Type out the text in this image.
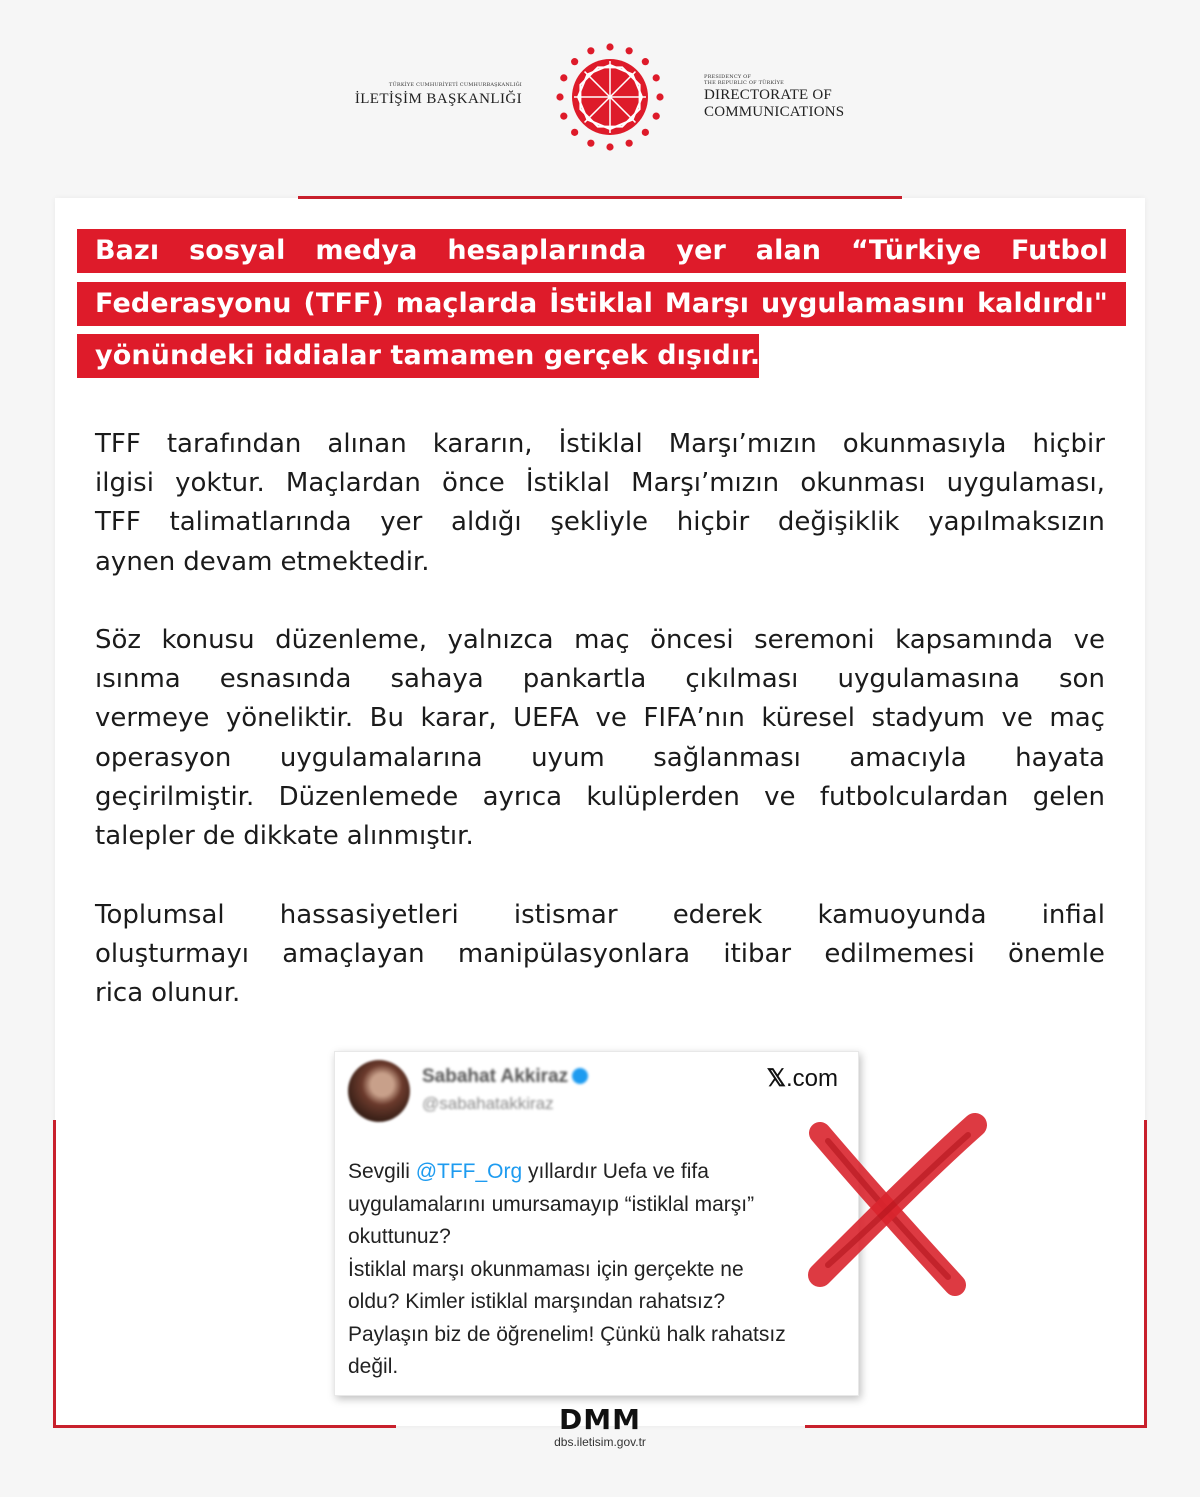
TÜRKİYE CUMHURİYETİ CUMHURBAŞKANLIĞI
İLETİŞİM BAŞKANLIĞI
PRESIDENCY OF
THE REPUBLIC OF TÜRKİYE
DIRECTORATE OF
COMMUNICATIONS
Bazı sosyal medya hesaplarında yer alan “Türkiye Futbol
Federasyonu (TFF) maçlarda İstiklal Marşı uygulamasını kaldırdı"
yönündeki iddialar tamamen gerçek dışıdır.
TFF tarafından alınan kararın, İstiklal Marşı’mızın okunmasıyla hiçbir
ilgisi yoktur. Maçlardan önce İstiklal Marşı’mızın okunması uygulaması,
TFF talimatlarında yer aldığı şekliyle hiçbir değişiklik yapılmaksızın
aynen devam etmektedir.
Söz konusu düzenleme, yalnızca maç öncesi seremoni kapsamında ve
ısınma esnasında sahaya pankartla çıkılması uygulamasına son
vermeye yöneliktir. Bu karar, UEFA ve FIFA’nın küresel stadyum ve maç
operasyon uygulamalarına uyum sağlanması amacıyla hayata
geçirilmiştir. Düzenlemede ayrıca kulüplerden ve futbolculardan gelen
talepler de dikkate alınmıştır.
Toplumsal hassasiyetleri istismar ederek kamuoyunda infial
oluşturmayı amaçlayan manipülasyonlara itibar edilmemesi önemle
rica olunur.
Sabahat Akkiraz
@sabahatakkiraz
𝕏.com
Sevgili @TFF_Org yıllardır Uefa ve fifa
uygulamalarını umursamayıp “istiklal marşı”
okuttunuz?
İstiklal marşı okunmaması için gerçekte ne
oldu? Kimler istiklal marşından rahatsız?
Paylaşın biz de öğrenelim! Çünkü halk rahatsız
değil.
DMM
dbs.iletisim.gov.tr
